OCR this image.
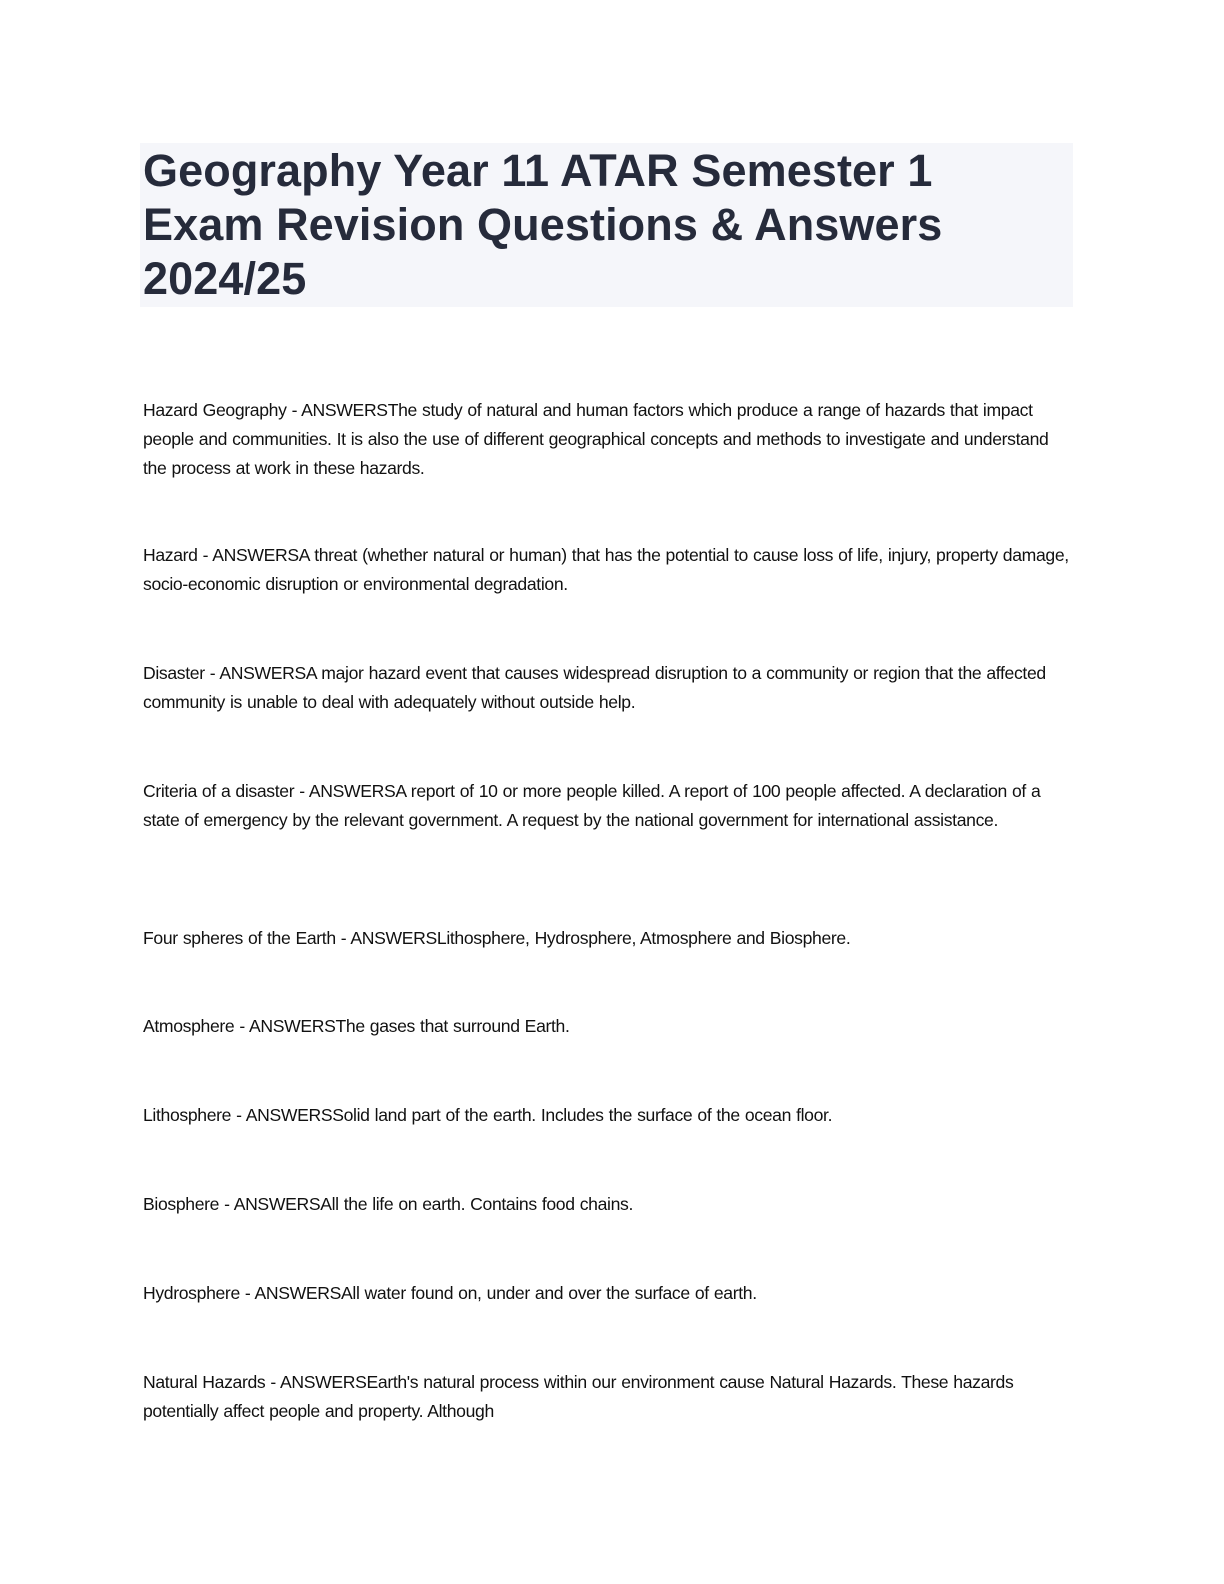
Geography Year 11 ATAR Semester 1
Exam Revision Questions & Answers
2024/25

Hazard Geography - ANSWERSThe study of natural and human factors which produce a range of hazards that impact people and communities. It is also the use of different geographical concepts and methods to investigate and understand the process at work in these hazards.

Hazard - ANSWERSA threat (whether natural or human) that has the potential to cause loss of life, injury, property damage, socio-economic disruption or environmental degradation.

Disaster - ANSWERSA major hazard event that causes widespread disruption to a community or region that the affected community is unable to deal with adequately without outside help.

Criteria of a disaster - ANSWERSA report of 10 or more people killed. A report of 100 people affected. A declaration of a state of emergency by the relevant government. A request by the national government for international assistance.

Four spheres of the Earth - ANSWERSLithosphere, Hydrosphere, Atmosphere and Biosphere.

Atmosphere - ANSWERSThe gases that surround Earth.

Lithosphere - ANSWERSSolid land part of the earth. Includes the surface of the ocean floor.

Biosphere - ANSWERSAll the life on earth. Contains food chains.

Hydrosphere - ANSWERSAll water found on, under and over the surface of earth.

Natural Hazards - ANSWERSEarth's natural process within our environment cause Natural Hazards. These hazards potentially affect people and property. Although
